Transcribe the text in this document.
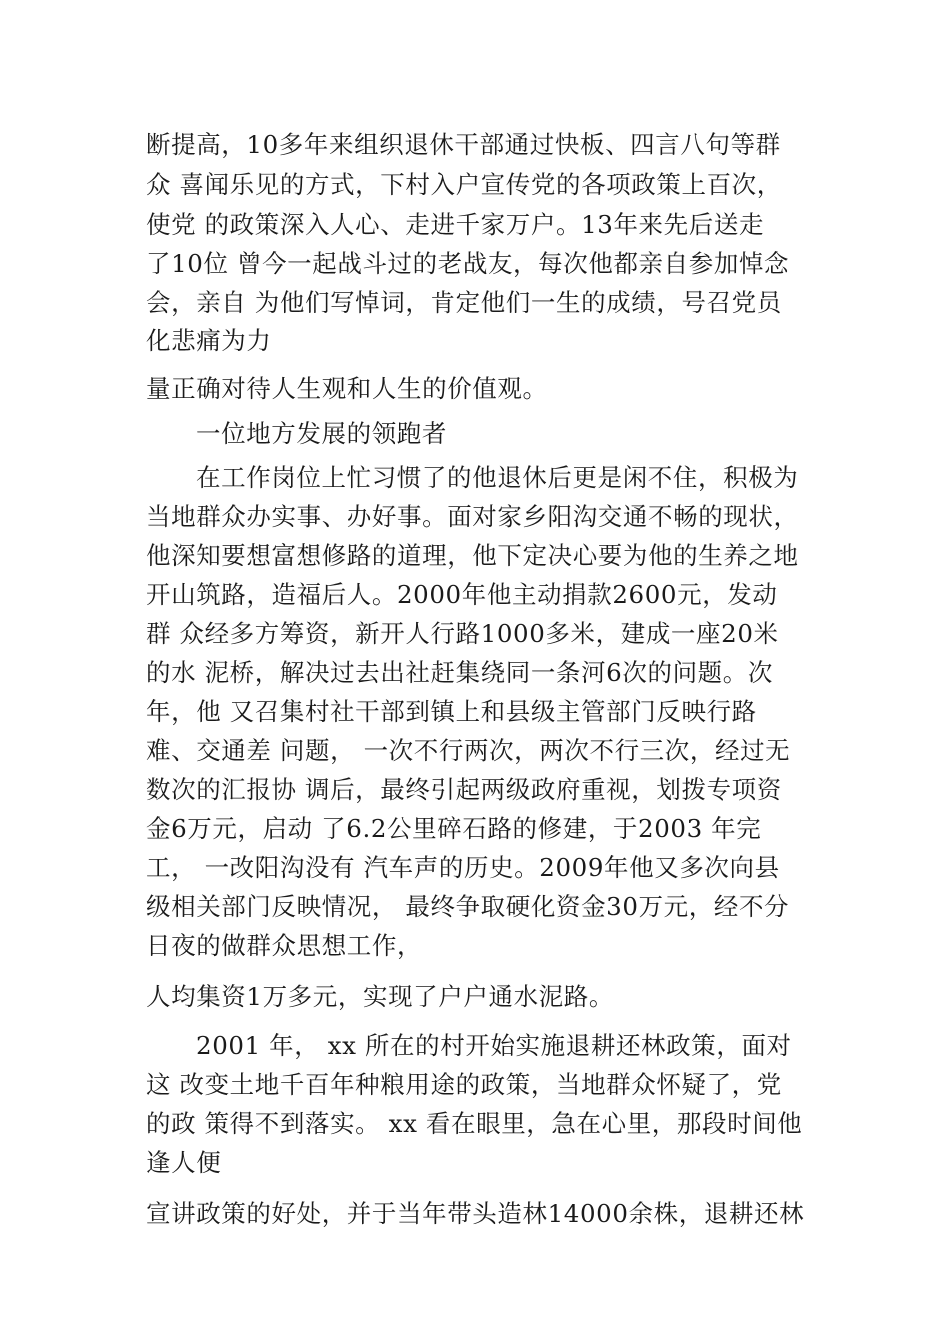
断提高，10多年来组织退休干部通过快板、四言八句等群
众 喜闻乐见的方式，下村入户宣传党的各项政策上百次，
使党 的政策深入人心、走进千家万户。13年来先后送走
了10位 曾今一起战斗过的老战友，每次他都亲自参加悼念
会，亲自 为他们写悼词，肯定他们一生的成绩，号召党员
化悲痛为力
量正确对待人生观和人生的价值观。
一位地方发展的领跑者
在工作岗位上忙习惯了的他退休后更是闲不住，积极为
当地群众办实事、办好事。面对家乡阳沟交通不畅的现状，
他深知要想富想修路的道理，他下定决心要为他的生养之地
开山筑路，造福后人。2000年他主动捐款2600元，发动
群 众经多方筹资，新开人行路1000多米，建成一座20米
的水 泥桥，解决过去出社赶集绕同一条河6次的问题。次
年，他 又召集村社干部到镇上和县级主管部门反映行路
难、交通差 问题， 一次不行两次，两次不行三次，经过无
数次的汇报协 调后，最终引起两级政府重视，划拨专项资
金6万元，启动 了6.2公里碎石路的修建，于2003 年完
工， 一改阳沟没有 汽车声的历史。2009年他又多次向县
级相关部门反映情况， 最终争取硬化资金30万元，经不分
日夜的做群众思想工作，
人均集资1万多元，实现了户户通水泥路。
2001 年， xx 所在的村开始实施退耕还林政策，面对
这 改变土地千百年种粮用途的政策，当地群众怀疑了，党
的政 策得不到落实。 xx 看在眼里，急在心里，那段时间他
逢人便
宣讲政策的好处，并于当年带头造林14000余株，退耕还林
